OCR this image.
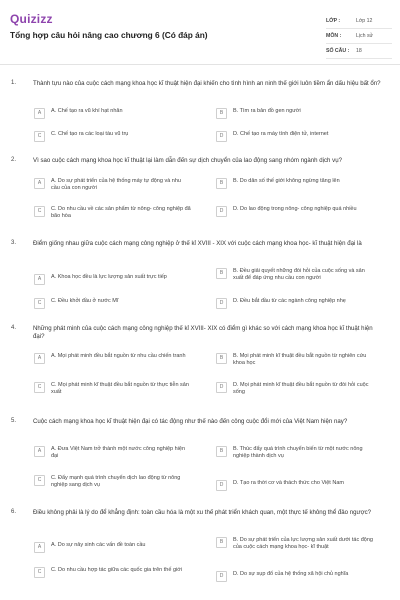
Quizizz
Tổng hợp câu hỏi nâng cao chương 6 (Có đáp án)
LỚP :	Lớp 12
MÔN :	Lịch sử
SỐ CÂU :	18
1.	Thành tựu nào của cuộc cách mạng khoa học kĩ thuật hiện đại khiến cho tình hình an ninh thế giới luôn tiềm ẩn dấu hiệu bất ổn?
A	A. Chế tạo ra vũ khí hạt nhân	B	B. Tìm ra bản đồ gen người
C	C. Chế tạo ra các loại tàu vũ trụ	D	D. Chế tạo ra máy tính điện tử, internet
2.	Vì sao cuộc cách mạng khoa học kĩ thuật lại làm dẫn đến sự dịch chuyển của lao động sang nhóm ngành dịch vụ?
A	A. Do sự phát triển của hệ thống máy tự động và nhu cầu của con người
B	B. Do dân số thế giới không ngừng tăng lên
C	C. Do nhu cầu về các sản phẩm từ nông- công nghiệp đã bão hòa
D	D. Do lao động trong nông- công nghiệp quá nhiều
3.	Điểm giống nhau giữa cuộc cách mạng công nghiệp ở thế kỉ XVIII - XIX với cuộc cách mạng khoa học- kĩ thuật hiện đại là
A	A. Khoa học đều là lực lượng sản xuất trực tiếp
B	B. Đều giải quyết những đòi hỏi của cuộc sống và sản xuất để đáp ứng nhu cầu con người
C	C. Đều khởi đầu ở nước Mĩ	D	D. Đều bắt đầu từ các ngành công nghiệp nhẹ
4.	Những phát minh của cuộc cách mạng công nghiệp thế kỉ XVIII- XIX có điểm gì khác so với cách mạng khoa học kĩ thuật hiện đại?
A	A. Mọi phát minh đều bắt nguồn từ nhu cầu chiến tranh	B	B. Mọi phát minh kĩ thuật đều bắt nguồn từ nghiên cứu khoa học
C	C. Mọi phát minh kĩ thuật đều bắt nguồn từ thực tiễn sản xuất
D	D. Mọi phát minh kĩ thuật đều bắt nguồn từ đòi hỏi cuộc sống
5.	Cuộc cách mạng khoa học kĩ thuật hiện đại có tác động như thế nào đến công cuộc đổi mới của Việt Nam hiện nay?
A	A. Đưa Việt Nam trở thành một nước công nghiệp hiện đại
B	B. Thúc đẩy quá trình chuyển biến từ một nước nông nghiệp thành dịch vụ
C	C. Đẩy mạnh quá trình chuyển dịch lao động từ nông nghiệp sang dịch vụ	D	D. Tạo ra thời cơ và thách thức cho Việt Nam
6.	Điều không phải là lý do để khẳng định: toàn cầu hóa là một xu thế phát triển khách quan, một thực tế không thể đảo ngược?
A	A. Do sự nảy sinh các vấn đề toàn cầu	B	B. Do sự phát triển của lực lượng sản xuất dưới tác động của cuộc cách mạng khoa học- kĩ thuật
C	C. Do nhu cầu hợp tác giữa các quốc gia trên thế giới
D	D. Do sự sụp đổ của hệ thống xã hội chủ nghĩa
